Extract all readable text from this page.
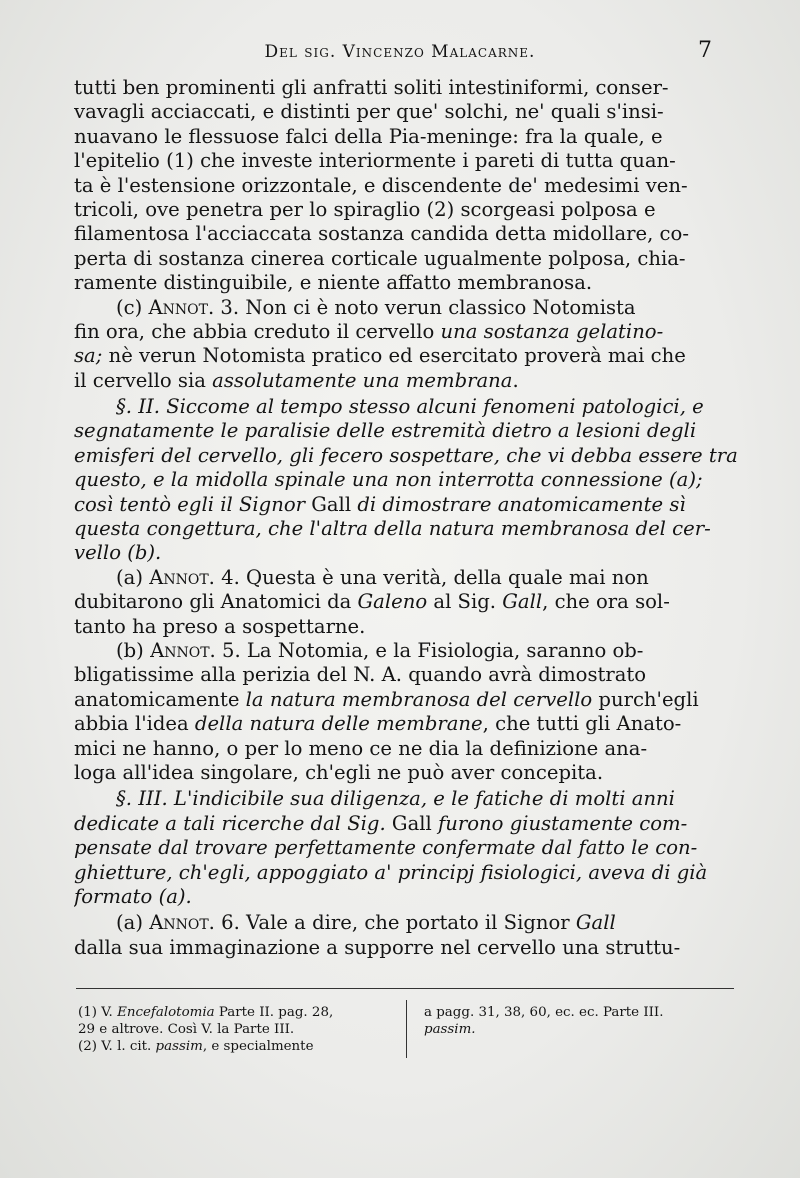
Del sig. Vincenzo Malacarne.	7
tutti ben prominenti gli anfratti soliti intestiniformi, conser-
vavagli acciaccati, e distinti per que' solchi, ne' quali s'insi-
nuavano le flessuose falci della Pia-meninge: fra la quale, e
l'epitelio (1) che investe interiormente i pareti di tutta quan-
ta è l'estensione orizzontale, e discendente de' medesimi ven-
tricoli, ove penetra per lo spiraglio (2) scorgeasi polposa e
filamentosa l'acciaccata sostanza candida detta midollare, co-
perta di sostanza cinerea corticale ugualmente polposa, chia-
ramente distinguibile, e niente affatto membranosa.
(c) Annot. 3. Non ci è noto verun classico Notomista
fin ora, che abbia creduto il cervello una sostanza gelatino-
sa; nè verun Notomista pratico ed esercitato proverà mai che
il cervello sia assolutamente una membrana .
§. II. Siccome al tempo stesso alcuni fenomeni patologici, e
segnatamente le paralisie delle estremità dietro a lesioni degli
emisferi del cervello, gli fecero sospettare, che vi debba essere tra
questo, e la midolla spinale una non interrotta connessione (a);
così tentò egli il Signor Gall di dimostrare anatomicamente sì
questa congettura, che l'altra della natura membranosa del cer-
vello (b).
(a) Annot. 4. Questa è una verità, della quale mai non
dubitarono gli Anatomici da Galeno al Sig. Gall, che ora sol-
tanto ha preso a sospettarne.
(b) Annot. 5. La Notomia, e la Fisiologia, saranno ob-
bligatissime alla perizia del N. A. quando avrà dimostrato
anatomicamente la natura membranosa del cervello purch'egli
abbia l'idea della natura delle membrane, che tutti gli Anato-
mici ne hanno, o per lo meno ce ne dia la definizione ana-
loga all'idea singolare, ch'egli ne può aver concepita.
§. III. L'indicibile sua diligenza, e le fatiche di molti anni
dedicate a tali ricerche dal Sig. Gall furono giustamente com-
pensate dal trovare perfettamente confermate dal fatto le con-
ghietture, ch'egli, appoggiato a' principj fisiologici, aveva di già
formato (a).
(a) Annot. 6. Vale a dire, che portato il Signor Gall
dalla sua immaginazione a supporre nel cervello una struttu-
(1) V. Encefalotomia Parte II. pag. 28,
29 e altrove. Così V. la Parte III.
(2) V. l. cit. passim , e specialmente
a pagg. 31, 38, 60, ec. ec. Parte III.
passim.
